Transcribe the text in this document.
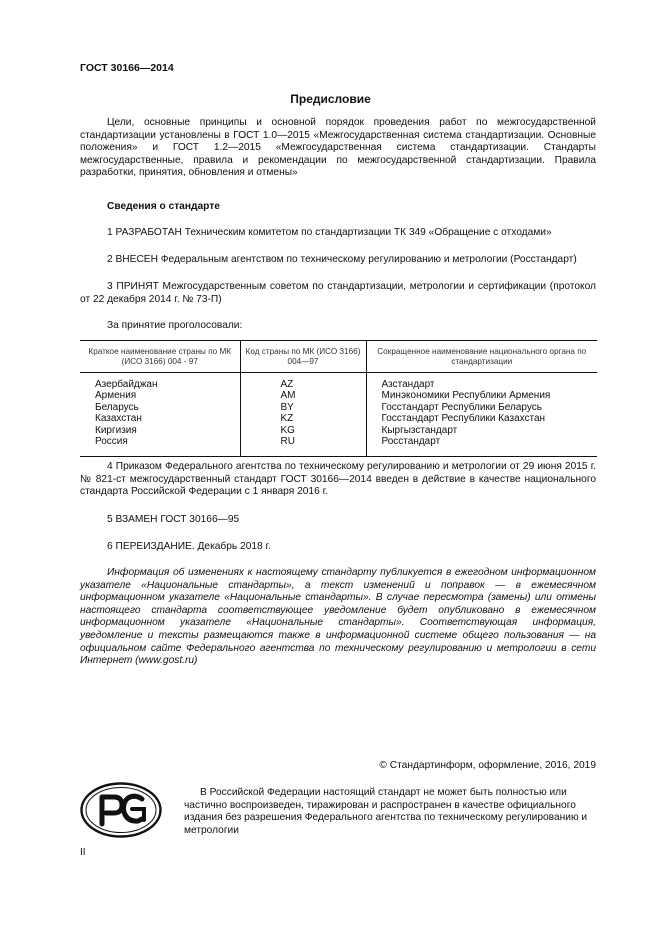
ГОСТ 30166—2014
Предисловие
Цели, основные принципы и основной порядок проведения работ по межгосударственной стандартизации установлены в ГОСТ 1.0—2015 «Межгосударственная система стандартизации. Основные положения» и ГОСТ 1.2—2015 «Межгосударственная система стандартизации. Стандарты межгосударственные, правила и рекомендации по межгосударственной стандартизации. Правила разработки, принятия, обновления и отмены»
Сведения о стандарте
1 РАЗРАБОТАН Техническим комитетом по стандартизации ТК 349 «Обращение с отходами»
2 ВНЕСЕН Федеральным агентством по техническому регулированию и метрологии (Росстандарт)
3 ПРИНЯТ Межгосударственным советом по стандартизации, метрологии и сертификации (протокол от 22 декабря 2014 г. № 73-П)
За принятие проголосовали:
Краткое наименование страны по МК (ИСО 3166) 004 - 97	Код страны по МК (ИСО 3166) 004—97	Сокращенное наименование национального органа по стандартизации
Азербайджан	AZ	Азстандарт
Армения	AM	Минэкономики Республики Армения
Беларусь	BY	Госстандарт Республики Беларусь
Казахстан	KZ	Госстандарт Республики Казахстан
Киргизия	KG	Кыргызстандарт
Россия	RU	Росстандарт
4 Приказом Федерального агентства по техническому регулированию и метрологии от 29 июня 2015 г. № 821-ст межгосударственный стандарт ГОСТ 30166—2014 введен в действие в качестве национального стандарта Российской Федерации с 1 января 2016 г.
5 ВЗАМЕН ГОСТ 30166—95
6 ПЕРЕИЗДАНИЕ. Декабрь 2018 г.
Информация об изменениях к настоящему стандарту публикуется в ежегодном информационном указателе «Национальные стандарты», а текст изменений и поправок — в ежемесячном информационном указателе «Национальные стандарты». В случае пересмотра (замены) или отмены настоящего стандарта соответствующее уведомление будет опубликовано в ежемесячном информационном указателе «Национальные стандарты». Соответствующая информация, уведомление и тексты размещаются также в информационной системе общего пользования — на официальном сайте Федерального агентства по техническому регулированию и метрологии в сети Интернет (www.gost.ru)
© Стандартинформ, оформление, 2016, 2019
В Российской Федерации настоящий стандарт не может быть полностью или частично воспроизведен, тиражирован и распространен в качестве официального издания без разрешения Федерального агентства по техническому регулированию и метрологии
II
